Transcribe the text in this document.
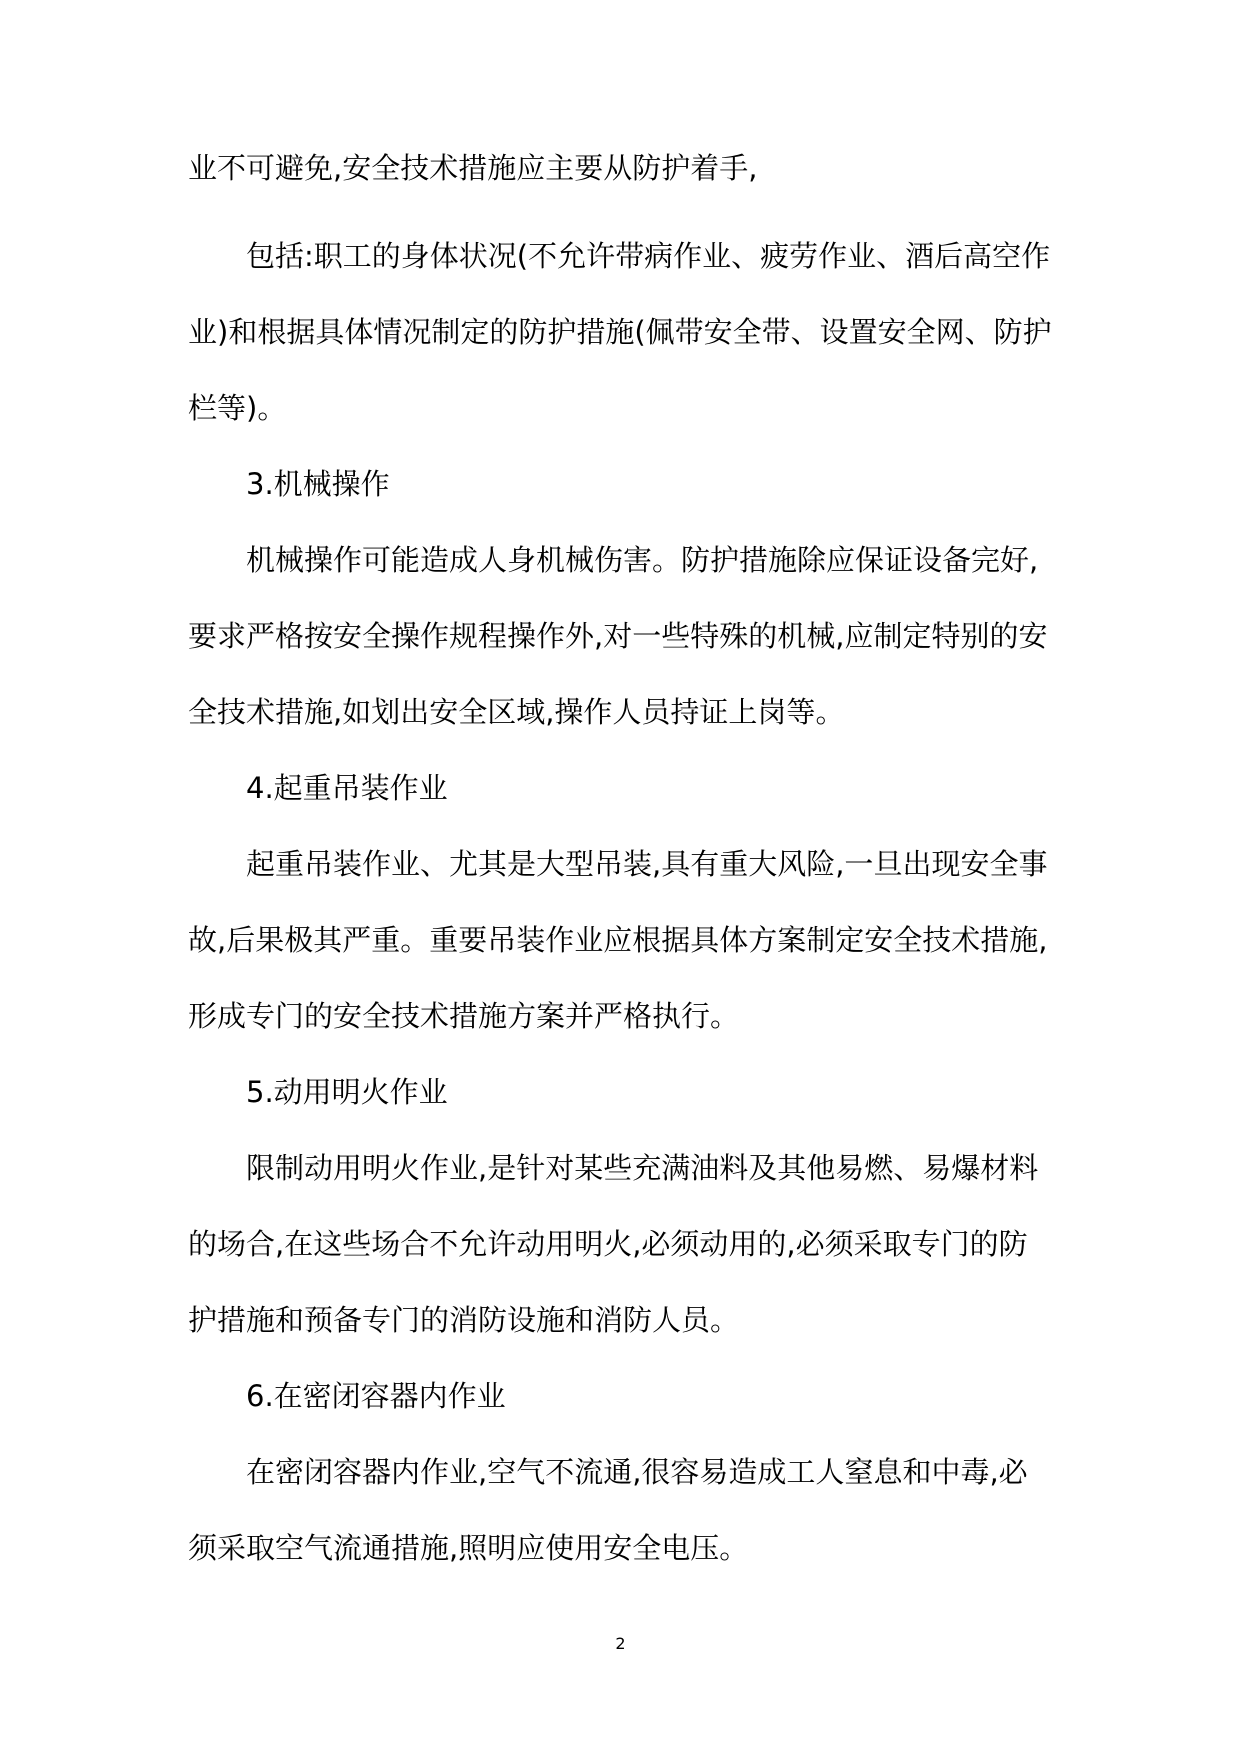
业不可避免,安全技术措施应主要从防护着手,
包括:职工的身体状况(不允许带病作业、疲劳作业、酒后高空作
业)和根据具体情况制定的防护措施(佩带安全带、设置安全网、防护
栏等)。
3.机械操作
机械操作可能造成人身机械伤害。防护措施除应保证设备完好,
要求严格按安全操作规程操作外,对一些特殊的机械,应制定特别的安
全技术措施,如划出安全区域,操作人员持证上岗等。
4.起重吊装作业
起重吊装作业、尤其是大型吊装,具有重大风险,一旦出现安全事
故,后果极其严重。重要吊装作业应根据具体方案制定安全技术措施,
形成专门的安全技术措施方案并严格执行。
5.动用明火作业
限制动用明火作业,是针对某些充满油料及其他易燃、易爆材料
的场合,在这些场合不允许动用明火,必须动用的,必须采取专门的防
护措施和预备专门的消防设施和消防人员。
6.在密闭容器内作业
在密闭容器内作业,空气不流通,很容易造成工人窒息和中毒,必
须采取空气流通措施,照明应使用安全电压。
2
